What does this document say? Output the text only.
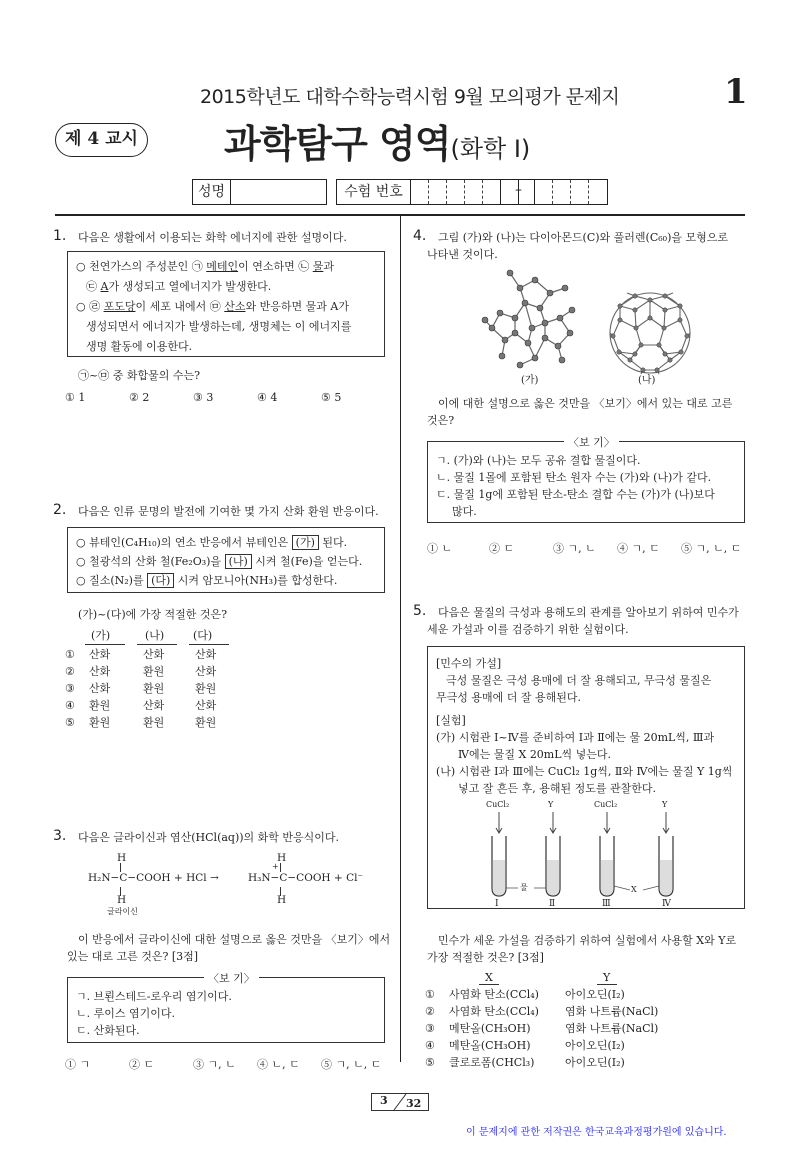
2015학년도 대학수학능력시험 9월 모의평가 문제지	1
제 4 교시 과학탐구 영역(화학 I)
성명	수험 번호	–
1. 다음은 생활에서 이용되는 화학 에너지에 관한 설명이다.
○ 천연가스의 주성분인 ㉠ 메테인이 연소하면 ㉡ 물과
㉢ A가 생성되고 열에너지가 발생한다.
○ ㉣ 포도당이 세포 내에서 ㉤ 산소와 반응하면 물과 A가
생성되면서 에너지가 발생하는데, 생명체는 이 에너지를
생명 활동에 이용한다.
㉠~㉤ 중 화합물의 수는?
① 1	② 2	③ 3	④ 4	⑤ 5
2. 다음은 인류 문명의 발전에 기여한 몇 가지 산화 환원 반응이다.
○ 뷰테인(C₄H₁₀)의 연소 반응에서 뷰테인은 (가) 된다.
○ 철광석의 산화 철(Fe₂O₃)을 (나) 시켜 철(Fe)을 얻는다.
○ 질소(N₂)를 (다) 시켜 암모니아(NH₃)를 합성한다.
(가)~(다)에 가장 적절한 것은?
(가)	(나)	(다)
① 산화	산화	산화
② 산화	환원	산화
③ 산화	환원	환원
④ 환원	산화	산화
⑤ 환원	환원	환원
3. 다음은 글라이신과 염산(HCl(aq))의 화학 반응식이다.
H
H₂N−C−COOH + HCl →
H
글라이신
H
+
H₃N−C−COOH + Cl⁻
H
이 반응에서 글라이신에 대한 설명으로 옳은 것만을 〈보기〉에서
있는 대로 고른 것은? [3점]
〈보 기〉
ㄱ. 브뢴스테드-로우리 염기이다.
ㄴ. 루이스 염기이다.
ㄷ. 산화된다.
① ㄱ	② ㄷ	③ ㄱ, ㄴ ④ ㄴ, ㄷ ⑤ ㄱ, ㄴ, ㄷ
4. 그림 (가)와 (나)는 다이아몬드(C)와 풀러렌(C₆₀)을 모형으로
나타낸 것이다.
(가)	(나)
이에 대한 설명으로 옳은 것만을 〈보기〉에서 있는 대로 고른
것은?
〈보 기〉
ㄱ. (가)와 (나)는 모두 공유 결합 물질이다.
ㄴ. 물질 1몰에 포함된 탄소 원자 수는 (가)와 (나)가 같다.
ㄷ. 물질 1g에 포함된 탄소-탄소 결합 수는 (가)가 (나)보다
많다.
① ㄴ	② ㄷ	③ ㄱ, ㄴ ④ ㄱ, ㄷ ⑤ ㄱ, ㄴ, ㄷ
5. 다음은 물질의 극성과 용해도의 관계를 알아보기 위하여 민수가
세운 가설과 이를 검증하기 위한 실험이다.
[민수의 가설]
극성 물질은 극성 용매에 더 잘 용해되고, 무극성 물질은
무극성 용매에 더 잘 용해된다.
[실험]
(가) 시험관 Ⅰ~Ⅳ를 준비하여 Ⅰ과 Ⅱ에는 물 20mL씩, Ⅲ과
Ⅳ에는 물질 X 20mL씩 넣는다.
(나) 시험관 Ⅰ과 Ⅲ에는 CuCl₂ 1g씩, Ⅱ와 Ⅳ에는 물질 Y 1g씩
넣고 잘 흔든 후, 용해된 정도를 관찰한다.
CuCl₂	Y	CuCl₂	Y
물	X
Ⅰ	Ⅱ	Ⅲ	Ⅳ
민수가 세운 가설을 검증하기 위하여 실험에서 사용할 X와 Y로
가장 적절한 것은? [3점]
X	Y
① 사염화 탄소(CCl₄) 아이오딘(I₂)
② 사염화 탄소(CCl₄) 염화 나트륨(NaCl)
③ 메탄올(CH₃OH)	염화 나트륨(NaCl)
④ 메탄올(CH₃OH)	아이오딘(I₂)
⑤ 클로로폼(CHCl₃)	아이오딘(I₂)
3 32
이 문제지에 관한 저작권은 한국교육과정평가원에 있습니다.
